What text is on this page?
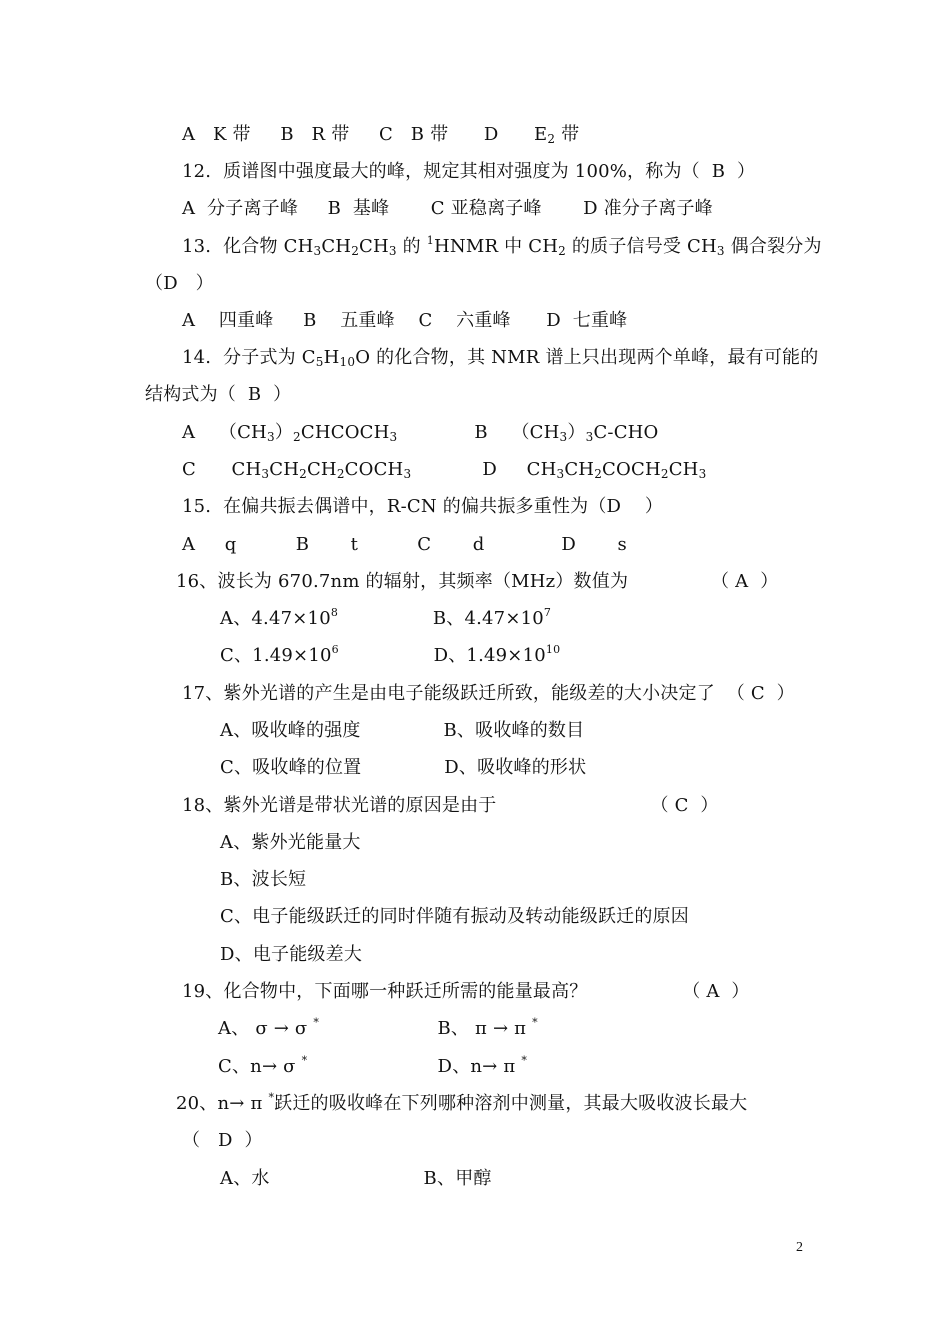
A   K 带     B   R 带     C   B 带      D      $E_2$ 带
12.  质谱图中强度最大的峰，规定其相对强度为 100%，称为（  B  ）
A  分子离子峰     B  基峰       C 亚稳离子峰       D 准分子离子峰
13.  化合物 $CH_3CH_2CH_3$ 的 $^1$HNMR 中 $CH_2$ 的质子信号受 $CH_3$ 偶合裂分为
（D   ）
A    四重峰     B    五重峰    C    六重峰      D  七重峰
14.  分子式为 $C_5H_{10}O$ 的化合物，其 NMR 谱上只出现两个单峰，最有可能的
结构式为（  B  ）
A    $(CH_3)_2CHCOCH_3$             B    $(CH_3)_3C$-CHO
C      $CH_3CH_2CH_2COCH_3$            D     $CH_3CH_2COCH_2CH_3$
15.  在偏共振去偶谱中，R-CN 的偏共振多重性为（D    ）
A     q          B       t          C       d             D       s
16、波长为 670.7nm 的辐射，其频率（MHz）数值为              （ A  ）
A、$4.47\times 10^8$                B、$4.47\times 10^7$
C、$1.49\times 10^6$                D、$1.49\times 10^{10}$
17、紫外光谱的产生是由电子能级跃迁所致，能级差的大小决定了  （ C  ）
A、吸收峰的强度              B、吸收峰的数目
C、吸收峰的位置              D、吸收峰的形状
18、紫外光谱是带状光谱的原因是由于                          （ C  ）
A、紫外光能量大
B、波长短
C、电子能级跃迁的同时伴随有振动及转动能级跃迁的原因
D、电子能级差大
19、化合物中，下面哪一种跃迁所需的能量最高？                （ A  ）
A、 σ → σ *                    B、 π → π *
C、n→ σ *                      D、n→ π *
20、n→ π *跃迁的吸收峰在下列哪种溶剂中测量，其最大吸收波长最大
（   D  ）
A、水                          B、甲醇
2
